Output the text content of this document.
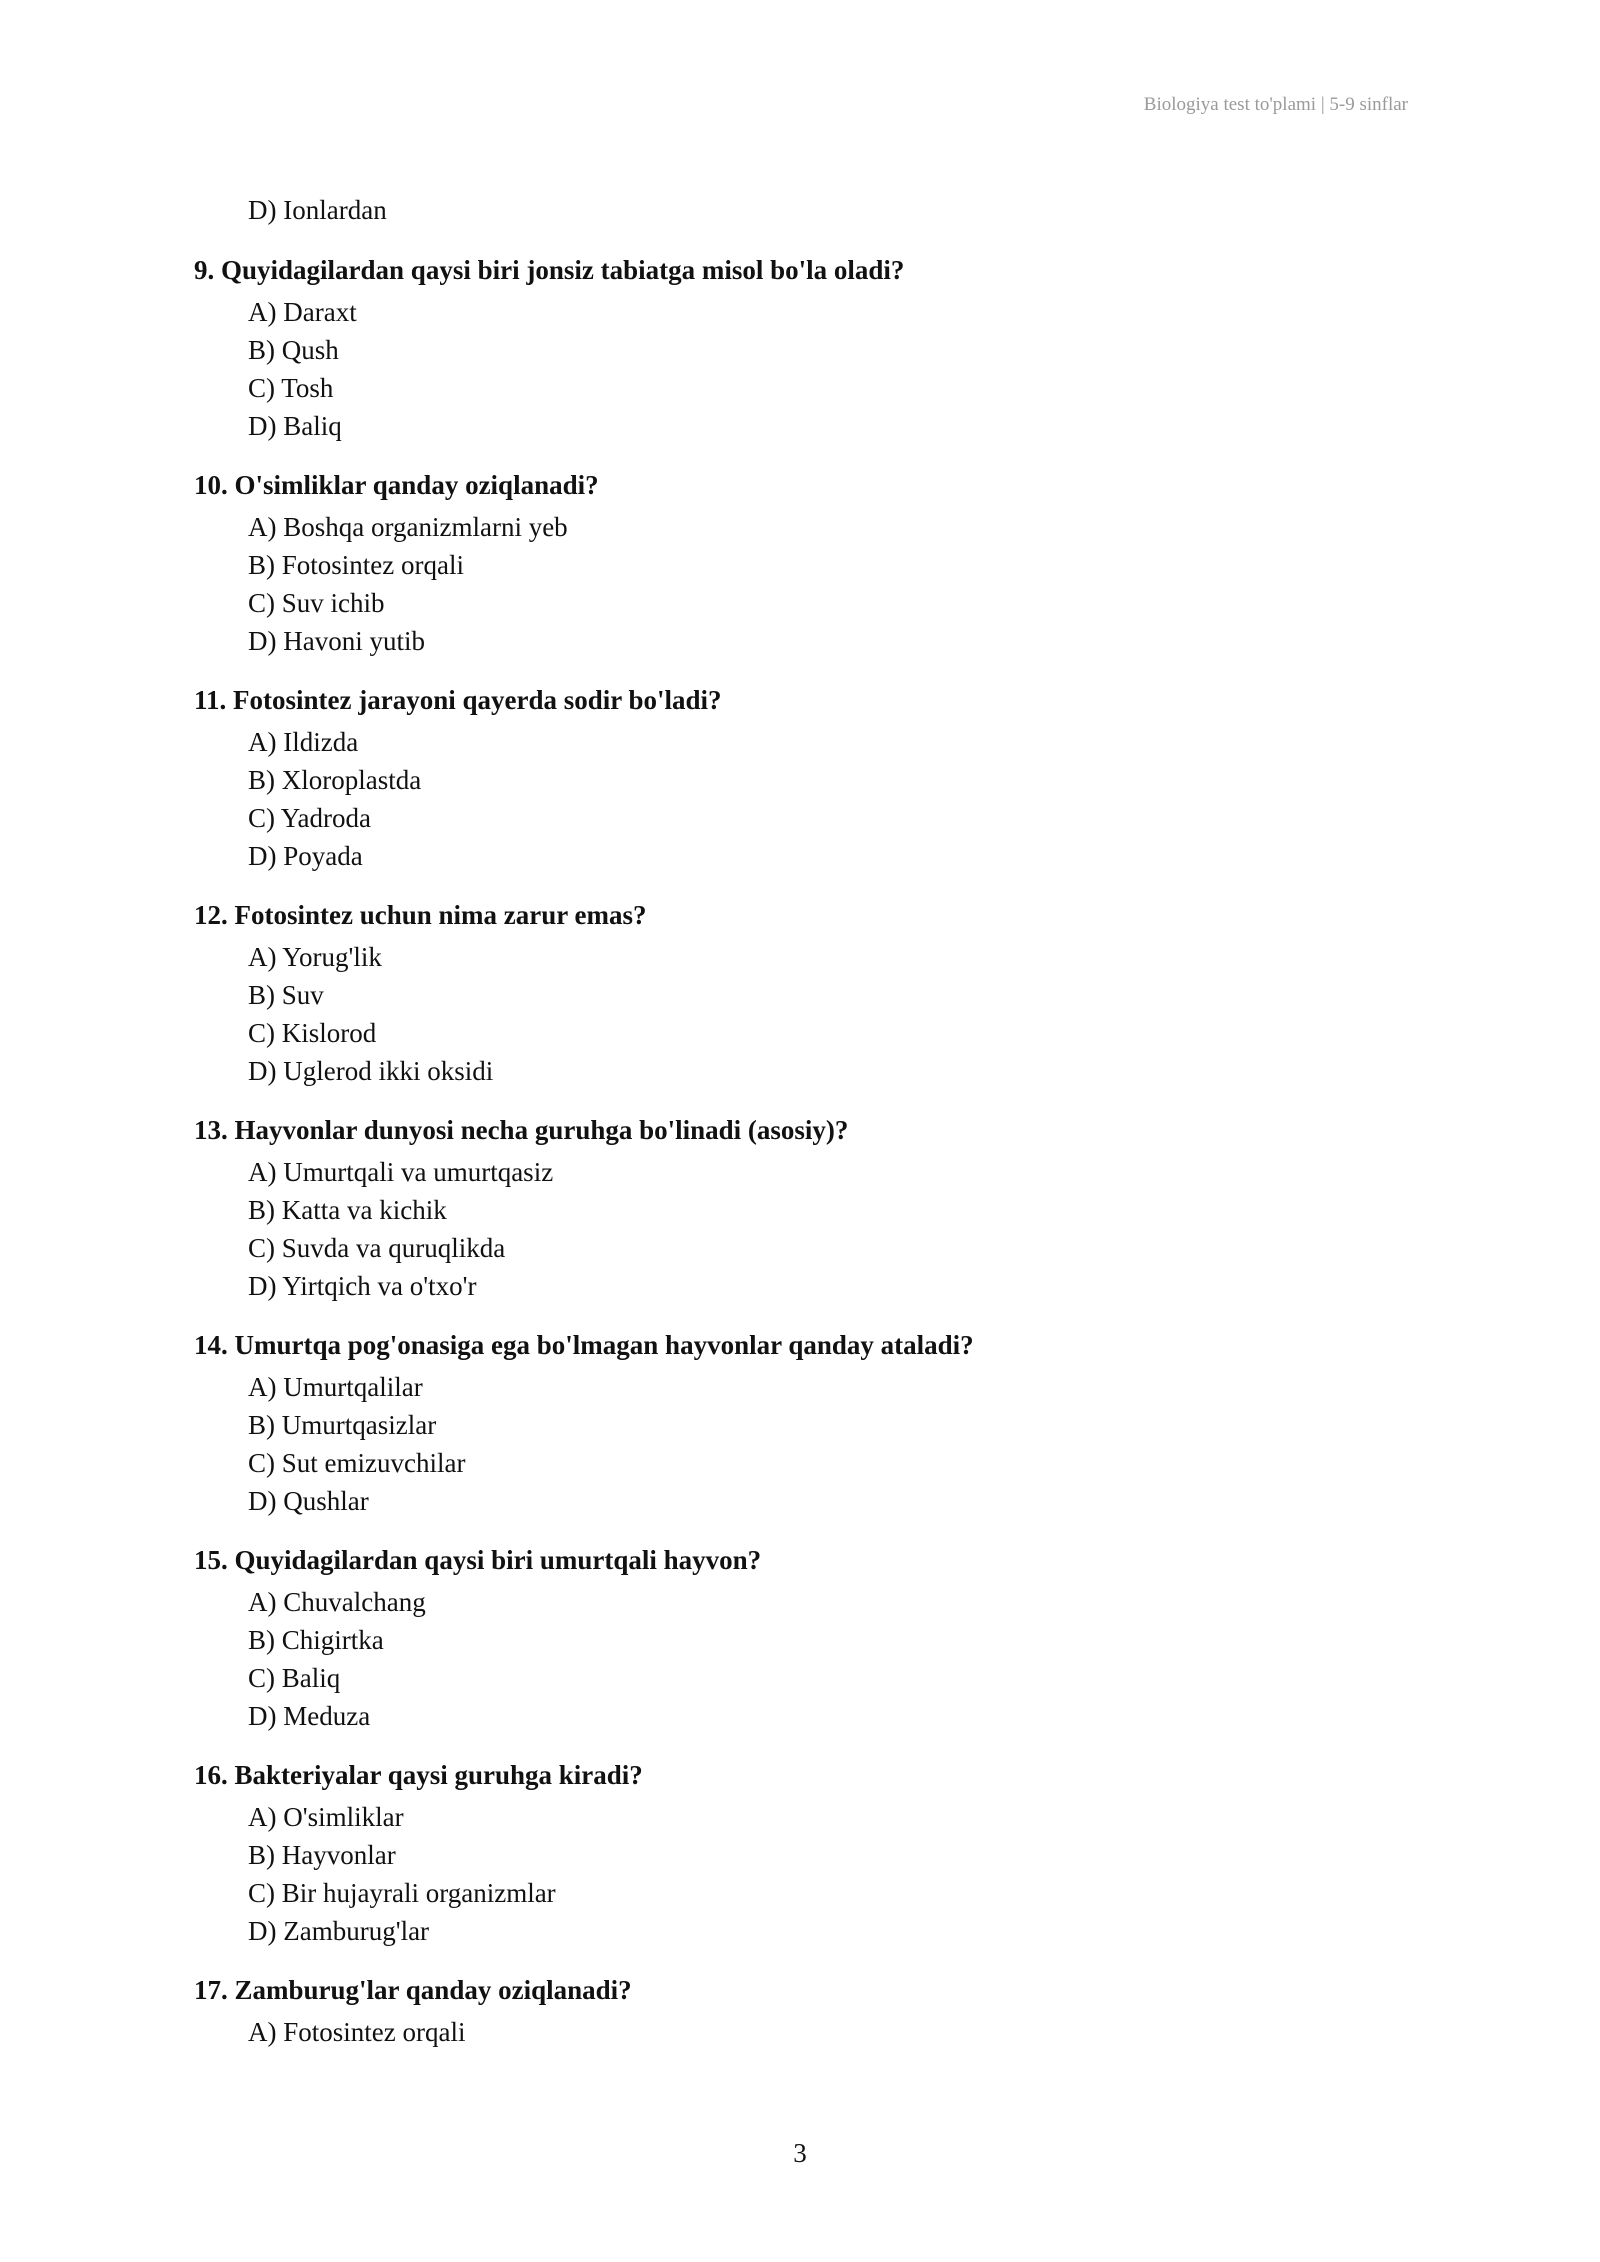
Biologiya test to'plami | 5-9 sinflar
D) Ionlardan
9. Quyidagilardan qaysi biri jonsiz tabiatga misol bo'la oladi?
A) Daraxt
B) Qush
C) Tosh
D) Baliq
10. O'simliklar qanday oziqlanadi?
A) Boshqa organizmlarni yeb
B) Fotosintez orqali
C) Suv ichib
D) Havoni yutib
11. Fotosintez jarayoni qayerda sodir bo'ladi?
A) Ildizda
B) Xloroplastda
C) Yadroda
D) Poyada
12. Fotosintez uchun nima zarur emas?
A) Yorug'lik
B) Suv
C) Kislorod
D) Uglerod ikki oksidi
13. Hayvonlar dunyosi necha guruhga bo'linadi (asosiy)?
A) Umurtqali va umurtqasiz
B) Katta va kichik
C) Suvda va quruqlikda
D) Yirtqich va o'txo'r
14. Umurtqa pog'onasiga ega bo'lmagan hayvonlar qanday ataladi?
A) Umurtqalilar
B) Umurtqasizlar
C) Sut emizuvchilar
D) Qushlar
15. Quyidagilardan qaysi biri umurtqali hayvon?
A) Chuvalchang
B) Chigirtka
C) Baliq
D) Meduza
16. Bakteriyalar qaysi guruhga kiradi?
A) O'simliklar
B) Hayvonlar
C) Bir hujayrali organizmlar
D) Zamburug'lar
17. Zamburug'lar qanday oziqlanadi?
A) Fotosintez orqali
3
